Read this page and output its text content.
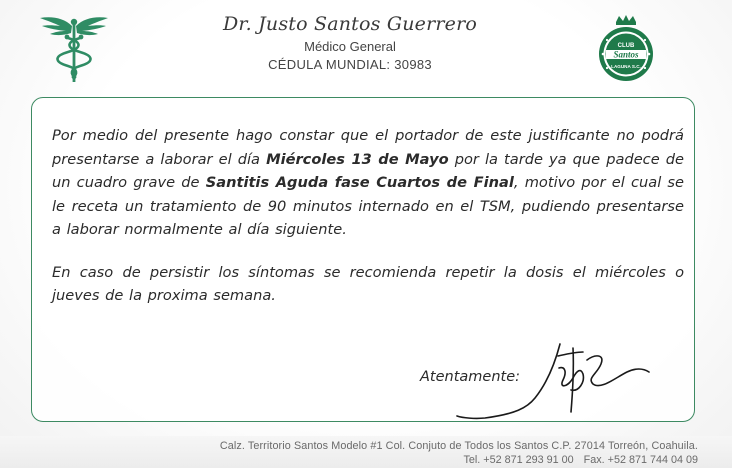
Dr. Justo Santos Guerrero
Médico General
CÉDULA MUNDIAL: 30983
CLUB
Santos
LAGUNA S.C.

Por medio del presente hago constar que el portador de este justificante no podrá presentarse a laborar el día Miércoles 13 de Mayo por la tarde ya que padece de un cuadro grave de Santitis Aguda fase Cuartos de Final, motivo por el cual se le receta un tratamiento de 90 minutos internado en el TSM, pudiendo presentarse a laborar normalmente al día siguiente.

En caso de persistir los síntomas se recomienda repetir la dosis el miércoles o jueves de la proxima semana.

Atentamente:
Calz. Territorio Santos Modelo #1 Col. Conjuto de Todos los Santos C.P. 27014 Torreón, Coahuila.
Tel. +52 871 293 91 00 Fax. +52 871 744 04 09
